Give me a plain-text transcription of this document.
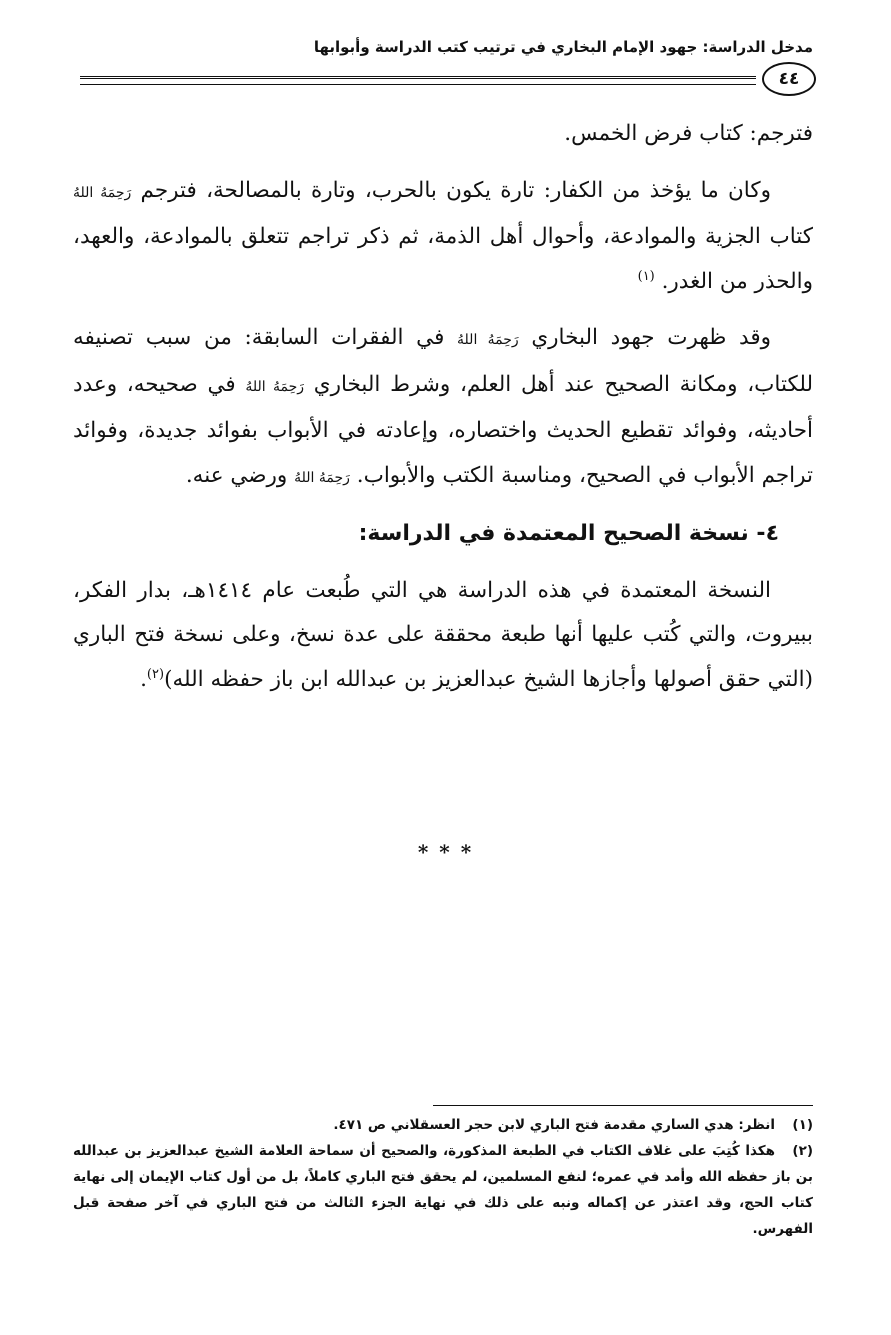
مدخل الدراسة: جهود الإمام البخاري في ترتيب كتب الدراسة وأبوابها
٤٤

فترجم: كتاب فرض الخمس.

وكان ما يؤخذ من الكفار: تارة يكون بالحرب، وتارة بالمصالحة، فترجم رَحِمَهُ اللهُ كتاب الجزية والموادعة، وأحوال أهل الذمة، ثم ذكر تراجم تتعلق بالموادعة، والعهد، والحذر من الغدر. $^{(١)}$

وقد ظهرت جهود البخاري رَحِمَهُ اللهُ في الفقرات السابقة: من سبب تصنيفه للكتاب، ومكانة الصحيح عند أهل العلم، وشرط البخاري رَحِمَهُ اللهُ في صحيحه، وعدد أحاديثه، وفوائد تقطيع الحديث واختصاره، وإعادته في الأبواب بفوائد جديدة، وفوائد تراجم الأبواب في الصحيح، ومناسبة الكتب والأبواب. رَحِمَهُ اللهُ ورضي عنه.

٤- نسخة الصحيح المعتمدة في الدراسة:

النسخة المعتمدة في هذه الدراسة هي التي طُبعت عام ١٤١٤هـ، بدار الفكر، ببيروت، والتي كُتب عليها أنها طبعة محققة على عدة نسخ، وعلى نسخة فتح الباري (التي حقق أصولها وأجازها الشيخ عبدالعزيز بن عبدالله ابن باز حفظه الله)$^{(٢)}$.

* * *

(١)انظر: هدي الساري مقدمة فتح الباري لابن حجر العسقلاني ص ٤٧١.

(٢)هكذا كُتِبَ على غلاف الكتاب في الطبعة المذكورة، والصحيح أن سماحة العلامة الشيخ عبدالعزيز بن عبدالله بن باز حفظه الله وأمد في عمره؛ لنفع المسلمين، لم يحقق فتح الباري كاملاً، بل من أول كتاب الإيمان إلى نهاية كتاب الحج، وقد اعتذر عن إكماله ونبه على ذلك في نهاية الجزء الثالث من فتح الباري في آخر صفحة قبل الفهرس.
